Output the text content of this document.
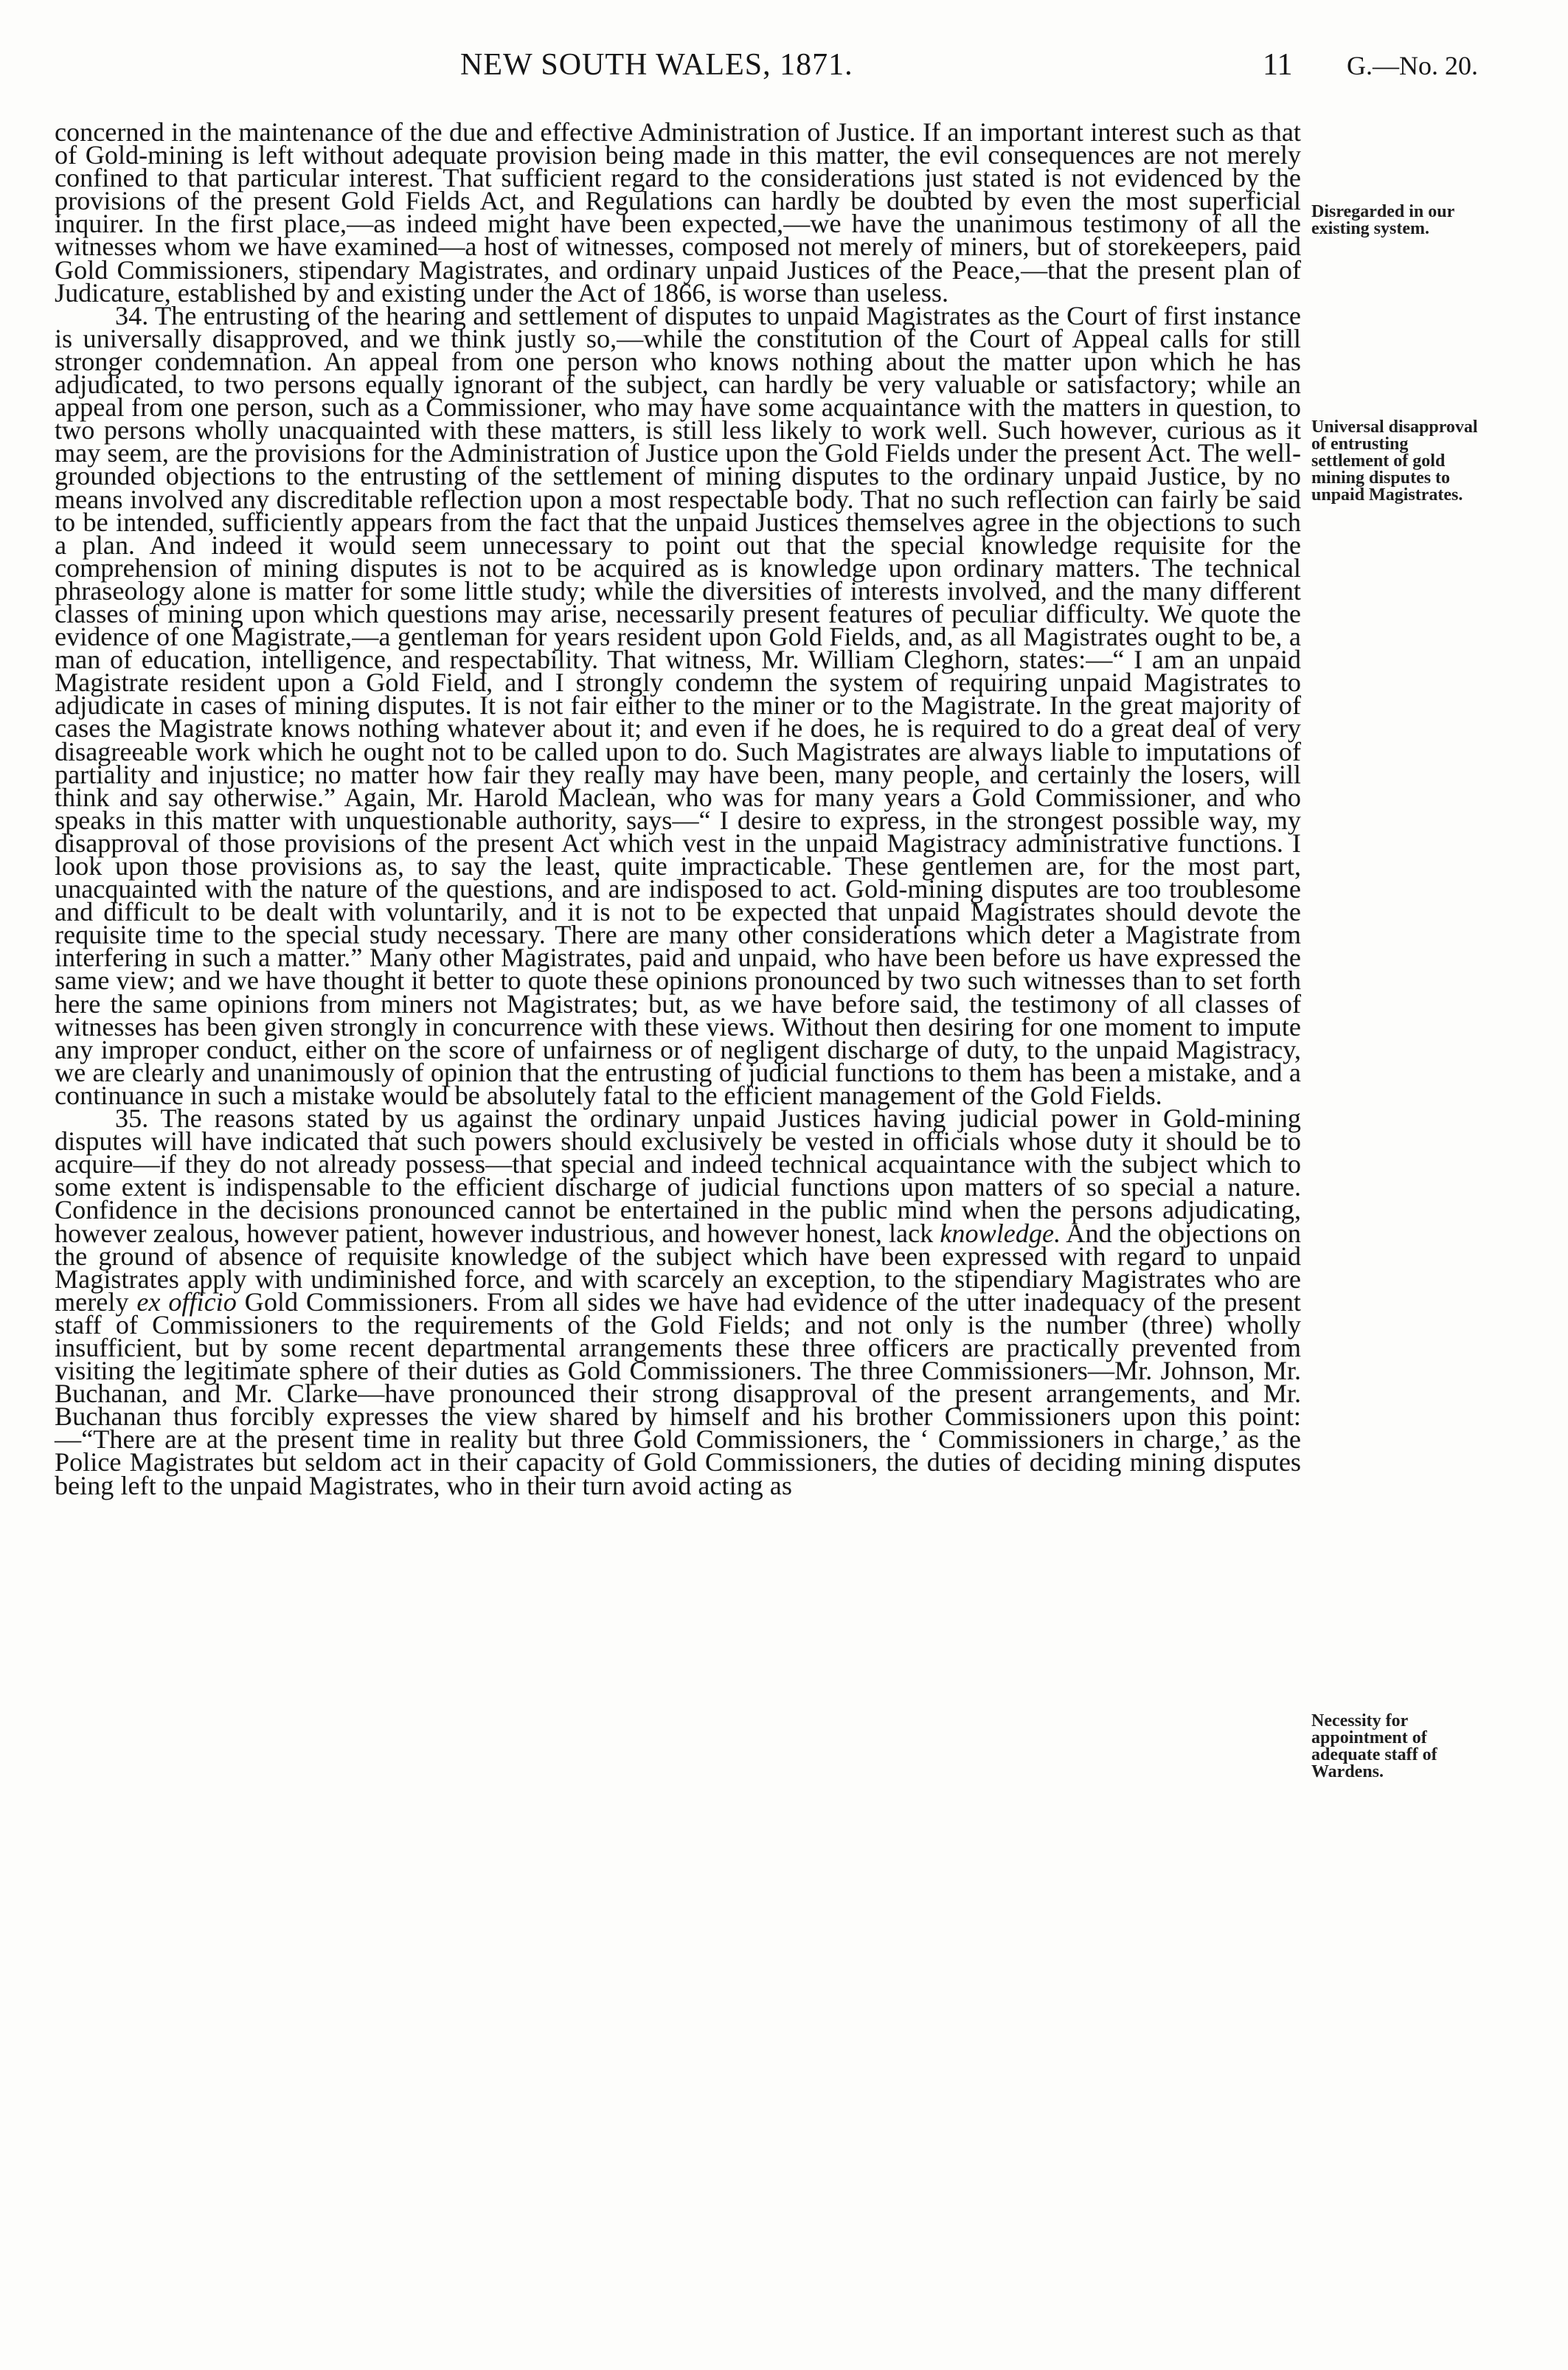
NEW SOUTH WALES, 1871.	11 G.—No. 20.

concerned in the maintenance of the due and effective Administration of Justice. If an important interest such as that of Gold-mining is left without adequate provision being made in this matter, the evil consequences are not merely confined to that particular interest. That sufficient regard to the considerations just stated is not evidenced by the provisions of the present Gold Fields Act, and Regulations can hardly be doubted by even the most superficial inquirer. In the first place,—as indeed might have been expected,—we have the unanimous testimony of all the witnesses whom we have examined—a host of witnesses, composed not merely of miners, but of storekeepers, paid Gold Commissioners, stipendary Magistrates, and ordinary unpaid Justices of the Peace,—that the present plan of Judicature, established by and existing under the Act of 1866, is worse than useless.

34. The entrusting of the hearing and settlement of disputes to unpaid Magistrates as the Court of first instance is universally disapproved, and we think justly so,—while the constitution of the Court of Appeal calls for still stronger condemnation. An appeal from one person who knows nothing about the matter upon which he has adjudicated, to two persons equally ignorant of the subject, can hardly be very valuable or satisfactory; while an appeal from one person, such as a Commissioner, who may have some acquaintance with the matters in question, to two persons wholly unacquainted with these matters, is still less likely to work well. Such however, curious as it may seem, are the provisions for the Administration of Justice upon the Gold Fields under the present Act. The well-grounded objections to the entrusting of the settlement of mining disputes to the ordinary unpaid Justice, by no means involved any discreditable reflection upon a most respectable body. That no such reflection can fairly be said to be intended, sufficiently appears from the fact that the unpaid Justices themselves agree in the objections to such a plan. And indeed it would seem unnecessary to point out that the special knowledge requisite for the comprehension of mining disputes is not to be acquired as is knowledge upon ordinary matters. The technical phraseology alone is matter for some little study; while the diversities of interests involved, and the many different classes of mining upon which questions may arise, necessarily present features of peculiar difficulty. We quote the evidence of one Magistrate,—a gentleman for years resident upon Gold Fields, and, as all Magistrates ought to be, a man of education, intelligence, and respectability. That witness, Mr. William Cleghorn, states:—“ I am an unpaid Magistrate resident upon a Gold Field, and I strongly condemn the system of requiring unpaid Magistrates to adjudicate in cases of mining disputes. It is not fair either to the miner or to the Magistrate. In the great majority of cases the Magistrate knows nothing whatever about it; and even if he does, he is required to do a great deal of very disagreeable work which he ought not to be called upon to do. Such Magistrates are always liable to imputations of partiality and injustice; no matter how fair they really may have been, many people, and certainly the losers, will think and say otherwise.” Again, Mr. Harold Maclean, who was for many years a Gold Commissioner, and who speaks in this matter with unquestionable authority, says—“ I desire to express, in the strongest possible way, my disapproval of those provisions of the present Act which vest in the unpaid Magistracy administrative functions. I look upon those provisions as, to say the least, quite impracticable. These gentlemen are, for the most part, unacquainted with the nature of the questions, and are indisposed to act. Gold-mining disputes are too troublesome and difficult to be dealt with voluntarily, and it is not to be expected that unpaid Magistrates should devote the requisite time to the special study necessary. There are many other considerations which deter a Magistrate from interfering in such a matter.” Many other Magistrates, paid and unpaid, who have been before us have expressed the same view; and we have thought it better to quote these opinions pronounced by two such witnesses than to set forth here the same opinions from miners not Magistrates; but, as we have before said, the testimony of all classes of witnesses has been given strongly in concurrence with these views. Without then desiring for one moment to impute any improper conduct, either on the score of unfairness or of negligent discharge of duty, to the unpaid Magistracy, we are clearly and unanimously of opinion that the entrusting of judicial functions to them has been a mistake, and a continuance in such a mistake would be absolutely fatal to the efficient management of the Gold Fields.

35. The reasons stated by us against the ordinary unpaid Justices having judicial power in Gold-mining disputes will have indicated that such powers should exclusively be vested in officials whose duty it should be to acquire—if they do not already possess—that special and indeed technical acquaintance with the subject which to some extent is indispensable to the efficient discharge of judicial functions upon matters of so special a nature. Confidence in the decisions pronounced cannot be entertained in the public mind when the persons adjudicating, however zealous, however patient, however industrious, and however honest, lack knowledge. And the objections on the ground of absence of requisite knowledge of the subject which have been expressed with regard to unpaid Magistrates apply with undiminished force, and with scarcely an exception, to the stipendiary Magistrates who are merely ex officio Gold Commissioners. From all sides we have had evidence of the utter inadequacy of the present staff of Commissioners to the requirements of the Gold Fields; and not only is the number (three) wholly insufficient, but by some recent departmental arrangements these three officers are practically prevented from visiting the legitimate sphere of their duties as Gold Commissioners. The three Commissioners—Mr. Johnson, Mr. Buchanan, and Mr. Clarke—have pronounced their strong disapproval of the present arrangements, and Mr. Buchanan thus forcibly expresses the view shared by himself and his brother Commissioners upon this point:—“There are at the present time in reality but three Gold Commissioners, the ‘ Commissioners in charge,’ as the Police Magistrates but seldom act in their capacity of Gold Commissioners, the duties of deciding mining disputes being left to the unpaid Magistrates, who in their turn avoid acting as

Disregarded in our existing system.
Universal disapproval of entrusting settlement of gold mining disputes to unpaid Magistrates.
Necessity for appointment of adequate staff of Wardens.
